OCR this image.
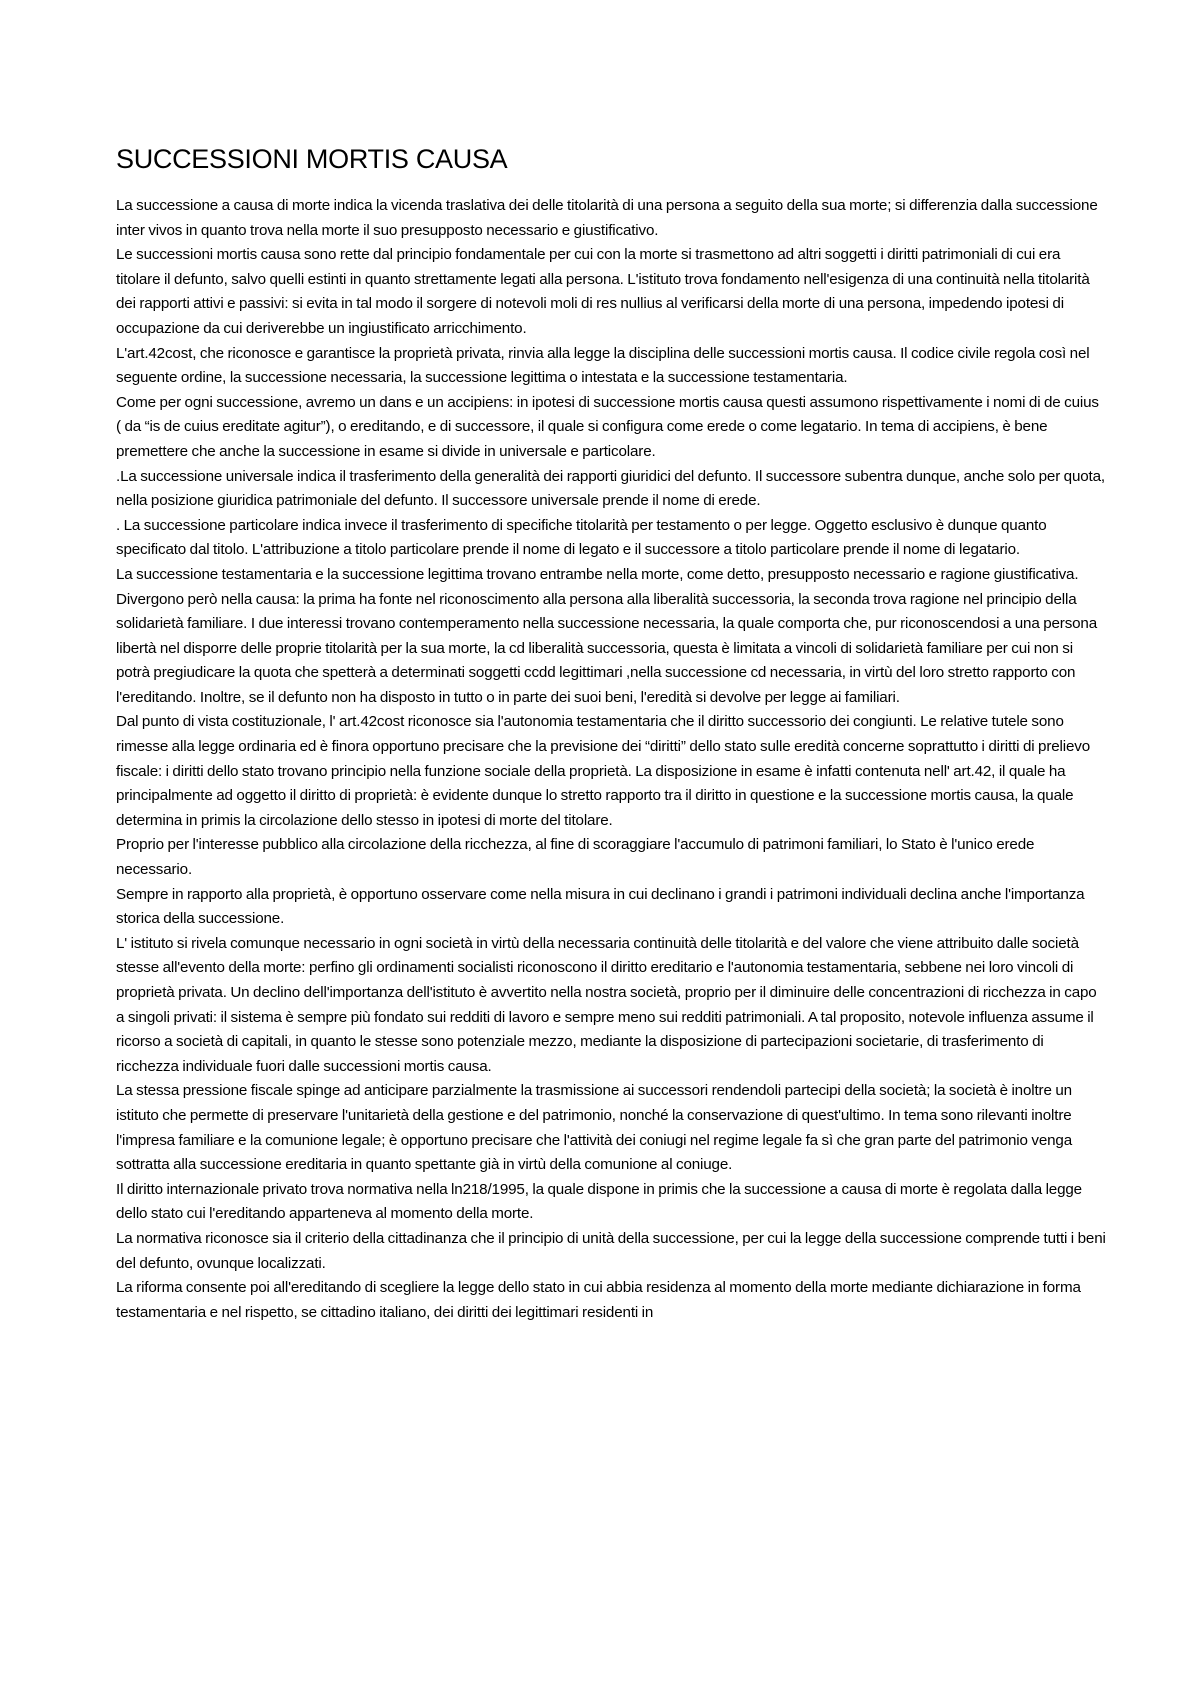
SUCCESSIONI MORTIS CAUSA

La successione a causa di morte indica la vicenda traslativa dei delle titolarità di una persona a seguito della sua morte; si differenzia dalla successione inter vivos in quanto trova nella morte il suo presupposto necessario e giustificativo.

Le successioni mortis causa sono rette dal principio fondamentale per cui con la morte si trasmettono ad altri soggetti i diritti patrimoniali di cui era titolare il defunto, salvo quelli estinti in quanto strettamente legati alla persona. L'istituto trova fondamento nell'esigenza di una continuità nella titolarità dei rapporti attivi e passivi: si evita in tal modo il sorgere di notevoli moli di res nullius al verificarsi della morte di una persona, impedendo ipotesi di occupazione da cui deriverebbe un ingiustificato arricchimento.

L'art.42cost, che riconosce e garantisce la proprietà privata, rinvia alla legge la disciplina delle successioni mortis causa. Il codice civile regola così nel seguente ordine, la successione necessaria, la successione legittima o intestata e la successione testamentaria.

Come per ogni successione, avremo un dans e un accipiens: in ipotesi di successione mortis causa questi assumono rispettivamente i nomi di de cuius ( da “is de cuius ereditate agitur”), o ereditando, e di successore, il quale si configura come erede o come legatario. In tema di accipiens, è bene premettere che anche la successione in esame si divide in universale e particolare.

.La successione universale indica il trasferimento della generalità dei rapporti giuridici del defunto. Il successore subentra dunque, anche solo per quota, nella posizione giuridica patrimoniale del defunto. Il successore universale prende il nome di erede.

. La successione particolare indica invece il trasferimento di specifiche titolarità per testamento o per legge. Oggetto esclusivo è dunque quanto specificato dal titolo. L'attribuzione a titolo particolare prende il nome di legato e il successore a titolo particolare prende il nome di legatario.

La successione testamentaria e la successione legittima trovano entrambe nella morte, come detto, presupposto necessario e ragione giustificativa. Divergono però nella causa: la prima ha fonte nel riconoscimento alla persona alla liberalità successoria, la seconda trova ragione nel principio della solidarietà familiare. I due interessi trovano contemperamento nella successione necessaria, la quale comporta che, pur riconoscendosi a una persona libertà nel disporre delle proprie titolarità per la sua morte, la cd liberalità successoria, questa è limitata a vincoli di solidarietà familiare per cui non si potrà pregiudicare la quota che spetterà a determinati soggetti ccdd legittimari ,nella successione cd necessaria, in virtù del loro stretto rapporto con l'ereditando. Inoltre, se il defunto non ha disposto in tutto o in parte dei suoi beni, l'eredità si devolve per legge ai familiari.

Dal punto di vista costituzionale, l' art.42cost riconosce sia l'autonomia testamentaria che il diritto successorio dei congiunti. Le relative tutele sono rimesse alla legge ordinaria ed è finora opportuno precisare che la previsione dei “diritti” dello stato sulle eredità concerne soprattutto i diritti di prelievo fiscale: i diritti dello stato trovano principio nella funzione sociale della proprietà. La disposizione in esame è infatti contenuta nell' art.42, il quale ha principalmente ad oggetto il diritto di proprietà: è evidente dunque lo stretto rapporto tra il diritto in questione e la successione mortis causa, la quale determina in primis la circolazione dello stesso in ipotesi di morte del titolare.

Proprio per l'interesse pubblico alla circolazione della ricchezza, al fine di scoraggiare l'accumulo di patrimoni familiari, lo Stato è l'unico erede necessario.

Sempre in rapporto alla proprietà, è opportuno osservare come nella misura in cui declinano i grandi i patrimoni individuali declina anche l'importanza storica della successione.

L' istituto si rivela comunque necessario in ogni società in virtù della necessaria continuità delle titolarità e del valore che viene attribuito dalle società stesse all'evento della morte: perfino gli ordinamenti socialisti riconoscono il diritto ereditario e l'autonomia testamentaria, sebbene nei loro vincoli di proprietà privata. Un declino dell'importanza dell'istituto è avvertito nella nostra società, proprio per il diminuire delle concentrazioni di ricchezza in capo a singoli privati: il sistema è sempre più fondato sui redditi di lavoro e sempre meno sui redditi patrimoniali. A tal proposito, notevole influenza assume il ricorso a società di capitali, in quanto le stesse sono potenziale mezzo, mediante la disposizione di partecipazioni societarie, di trasferimento di ricchezza individuale fuori dalle successioni mortis causa.

La stessa pressione fiscale spinge ad anticipare parzialmente la trasmissione ai successori rendendoli partecipi della società; la società è inoltre un istituto che permette di preservare l'unitarietà della gestione e del patrimonio, nonché la conservazione di quest'ultimo. In tema sono rilevanti inoltre l'impresa familiare e la comunione legale; è opportuno precisare che l'attività dei coniugi nel regime legale fa sì che gran parte del patrimonio venga sottratta alla successione ereditaria in quanto spettante già in virtù della comunione al coniuge.

Il diritto internazionale privato trova normativa nella ln218/1995, la quale dispone in primis che la successione a causa di morte è regolata dalla legge dello stato cui l'ereditando apparteneva al momento della morte.

La normativa riconosce sia il criterio della cittadinanza che il principio di unità della successione, per cui la legge della successione comprende tutti i beni del defunto, ovunque localizzati.

La riforma consente poi all'ereditando di scegliere la legge dello stato in cui abbia residenza al momento della morte mediante dichiarazione in forma testamentaria e nel rispetto, se cittadino italiano, dei diritti dei legittimari residenti in
